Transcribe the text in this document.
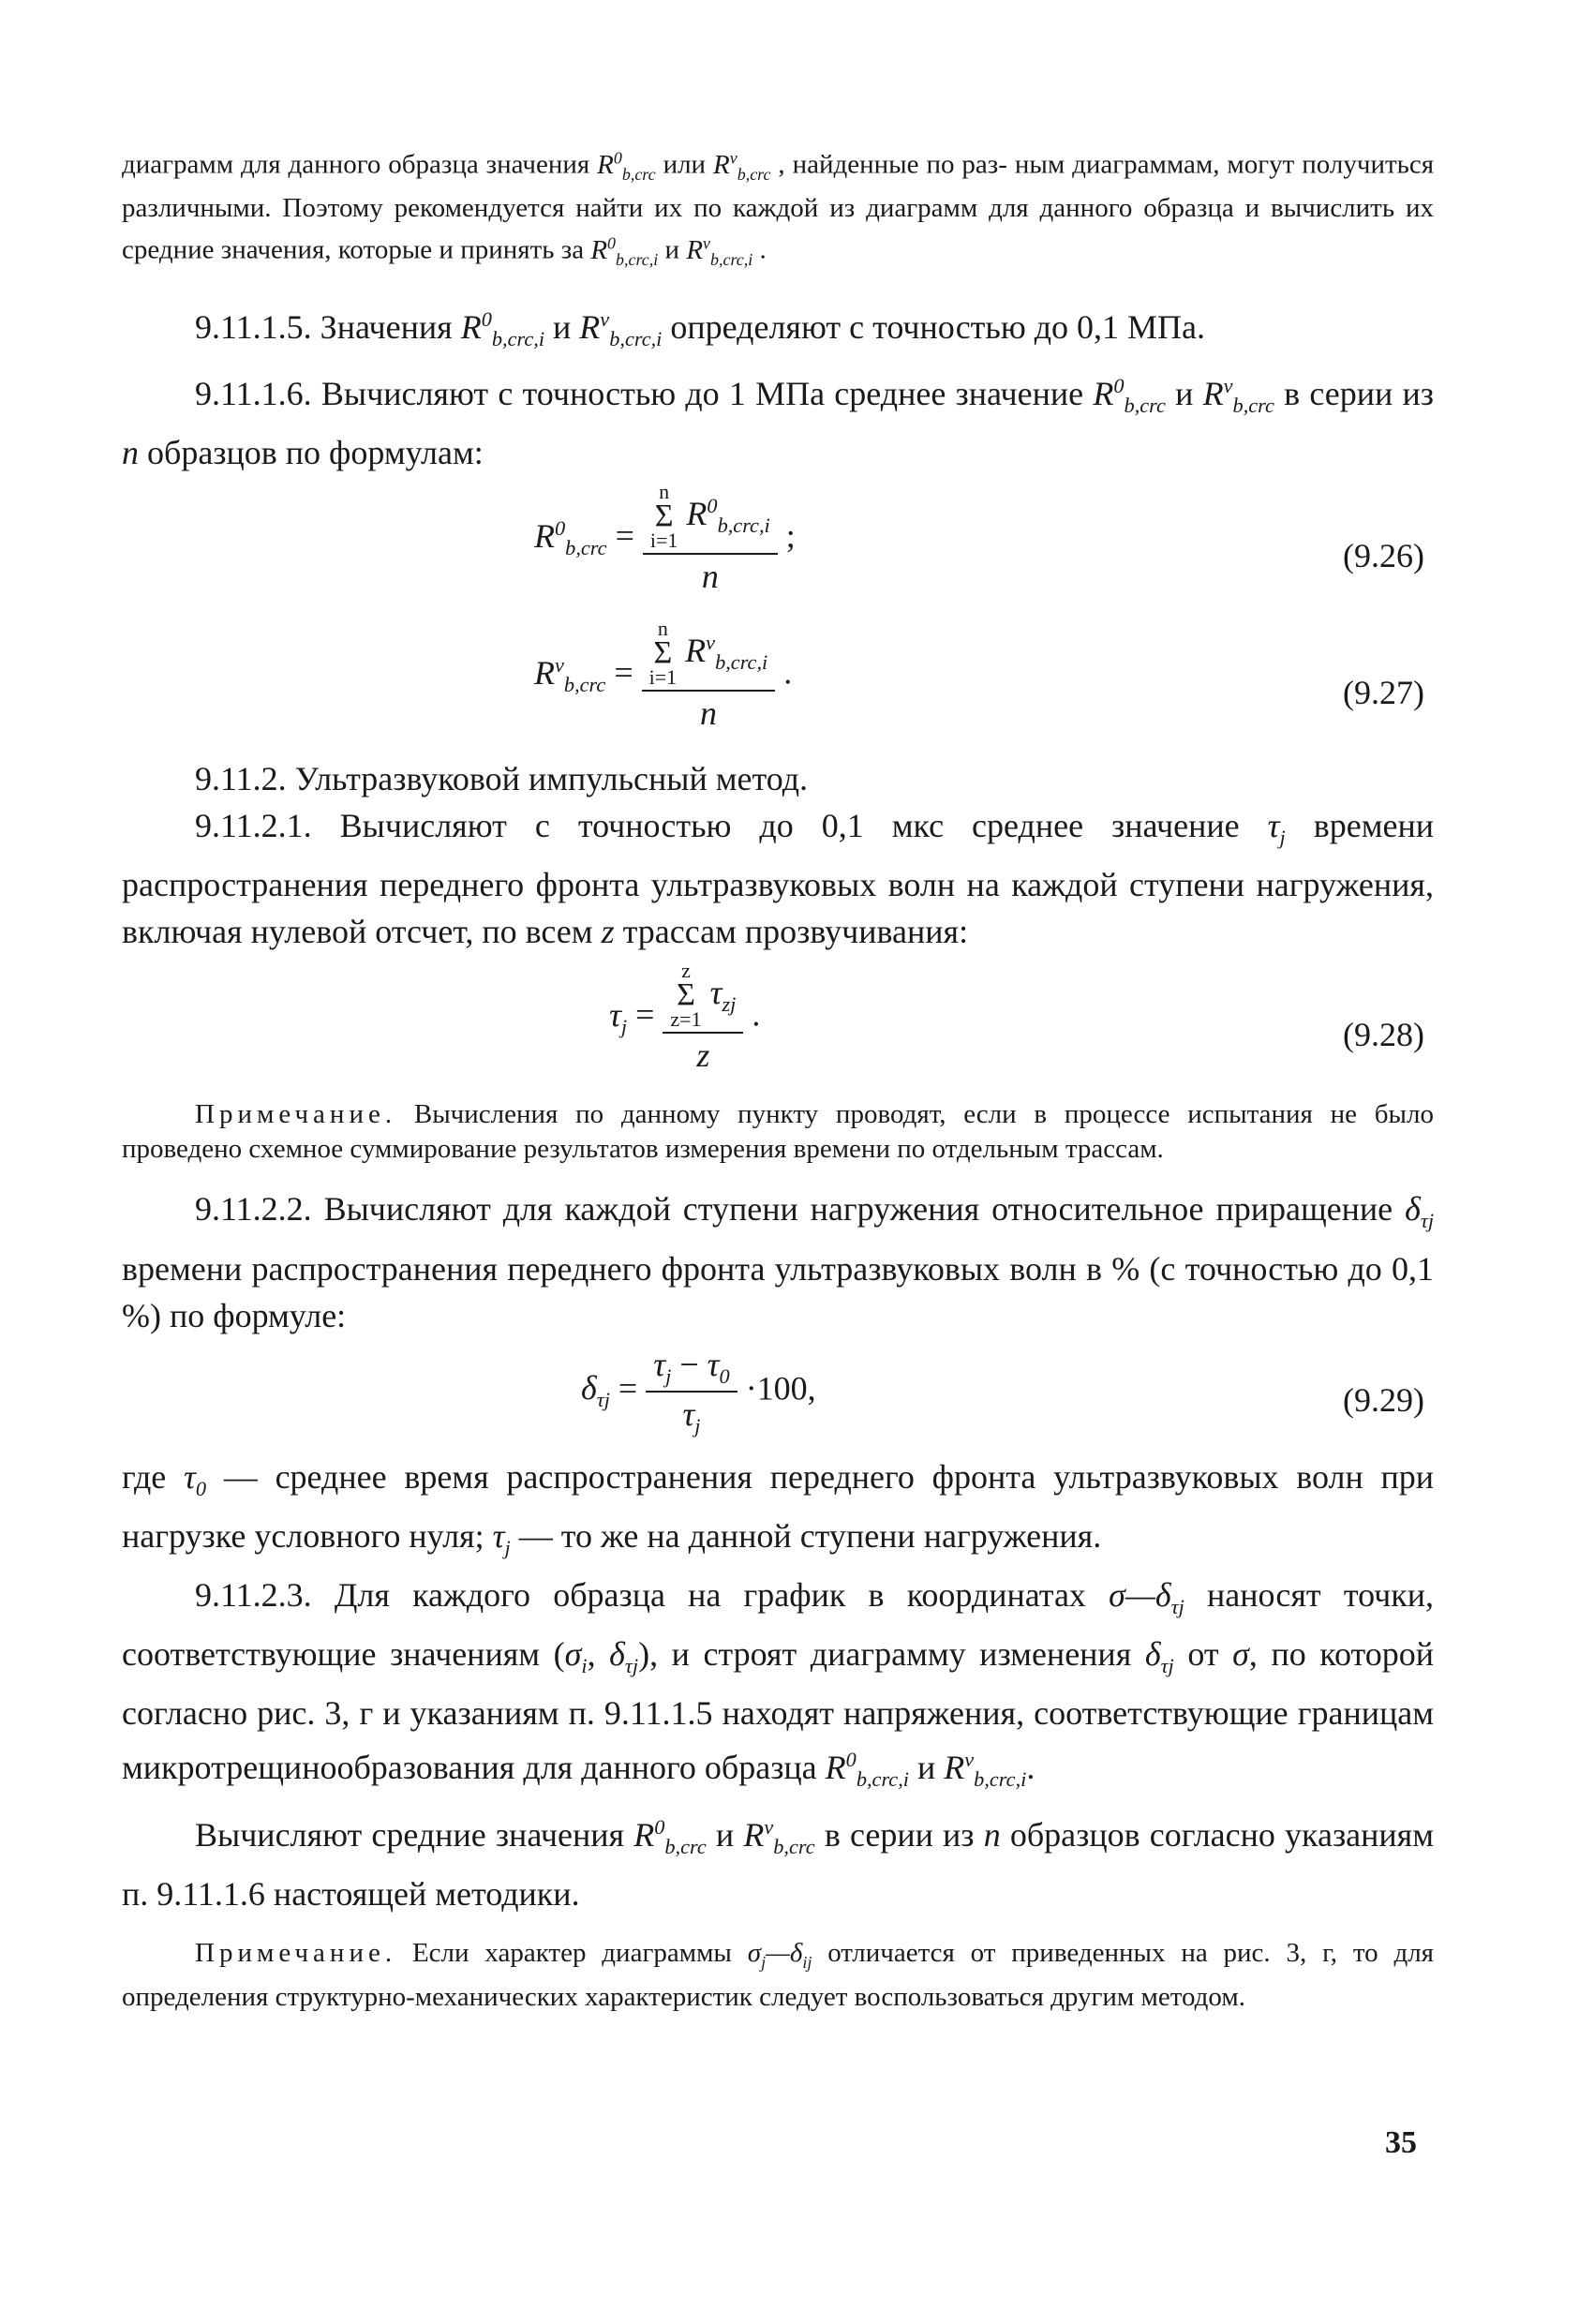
диаграмм для данного образца значения $R^0_{b,crc}$ или $R^v_{b,crc}$ , найденные по раз- ным диаграммам, могут получиться различными. Поэтому рекомендуется найти их по каждой из диаграмм для данного образца и вычислить их средние значения, которые и принять за $R^0_{b,crc,i}$ и $R^v_{b,crc,i}$ .

9.11.1.5. Значения $R^0_{b,crc,i}$ и $R^v_{b,crc,i}$ определяют с точностью до 0,1 МПа.

9.11.1.6. Вычисляют с точностью до 1 МПа среднее значение $R^0_{b,crc}$ и $R^v_{b,crc}$ в серии из n образцов по формулам:

$R^0_{b,crc} = n$
Σ
i=1 $R^0_{b,crc,i}$
n ;
(9.26)
$R^v_{b,crc} = n$
Σ
i=1 $R^v_{b,crc,i}$
n .
(9.27)

9.11.2. Ультразвуковой импульсный метод.

9.11.2.1. Вычисляют с точностью до 0,1 мкс среднее значение $\tau_j$ времени распространения переднего фронта ультразвуковых волн на каждой ступени нагружения, включая нулевой отсчет, по всем z трассам прозвучивания:

$\tau_j = z$
Σ
z=1 $\tau_{zj}$
z .
(9.28)

Примечание. Вычисления по данному пункту проводят, если в процессе испытания не было проведено схемное суммирование результатов измерения времени по отдельным трассам.

9.11.2.2. Вычисляют для каждой ступени нагружения относительное приращение $\delta_{\tau j}$ времени распространения переднего фронта ультразвуковых волн в % (с точностью до 0,1 %) по формуле:

$\delta_{\tau j} = \frac{\tau_j - \tau_0}{\tau_j} \cdot 100$,	(9.29)

где $\tau_0$ — среднее время распространения переднего фронта ультразвуковых волн при нагрузке условного нуля; $\tau_j$ — то же на данной ступени нагружения.

9.11.2.3. Для каждого образца на график в координатах $\sigma—\delta_{\tau j}$ наносят точки, соответствующие значениям ($\sigma_i$, $\delta_{\tau j}$), и строят диаграмму изменения $\delta_{\tau j}$ от σ, по которой согласно рис. 3, г и указаниям п. 9.11.1.5 находят напряжения, соответствующие границам микротрещинообразования для данного образца $R^0_{b,crc,i}$ и $R^v_{b,crc,i}$.

Вычисляют средние значения $R^0_{b,crc}$ и $R^v_{b,crc}$ в серии из n образцов согласно указаниям п. 9.11.1.6 настоящей методики.

Примечание. Если характер диаграммы $\sigma_j—\delta_{ij}$ отличается от приведенных на рис. 3, г, то для определения структурно-механических характеристик следует воспользоваться другим методом.

35
